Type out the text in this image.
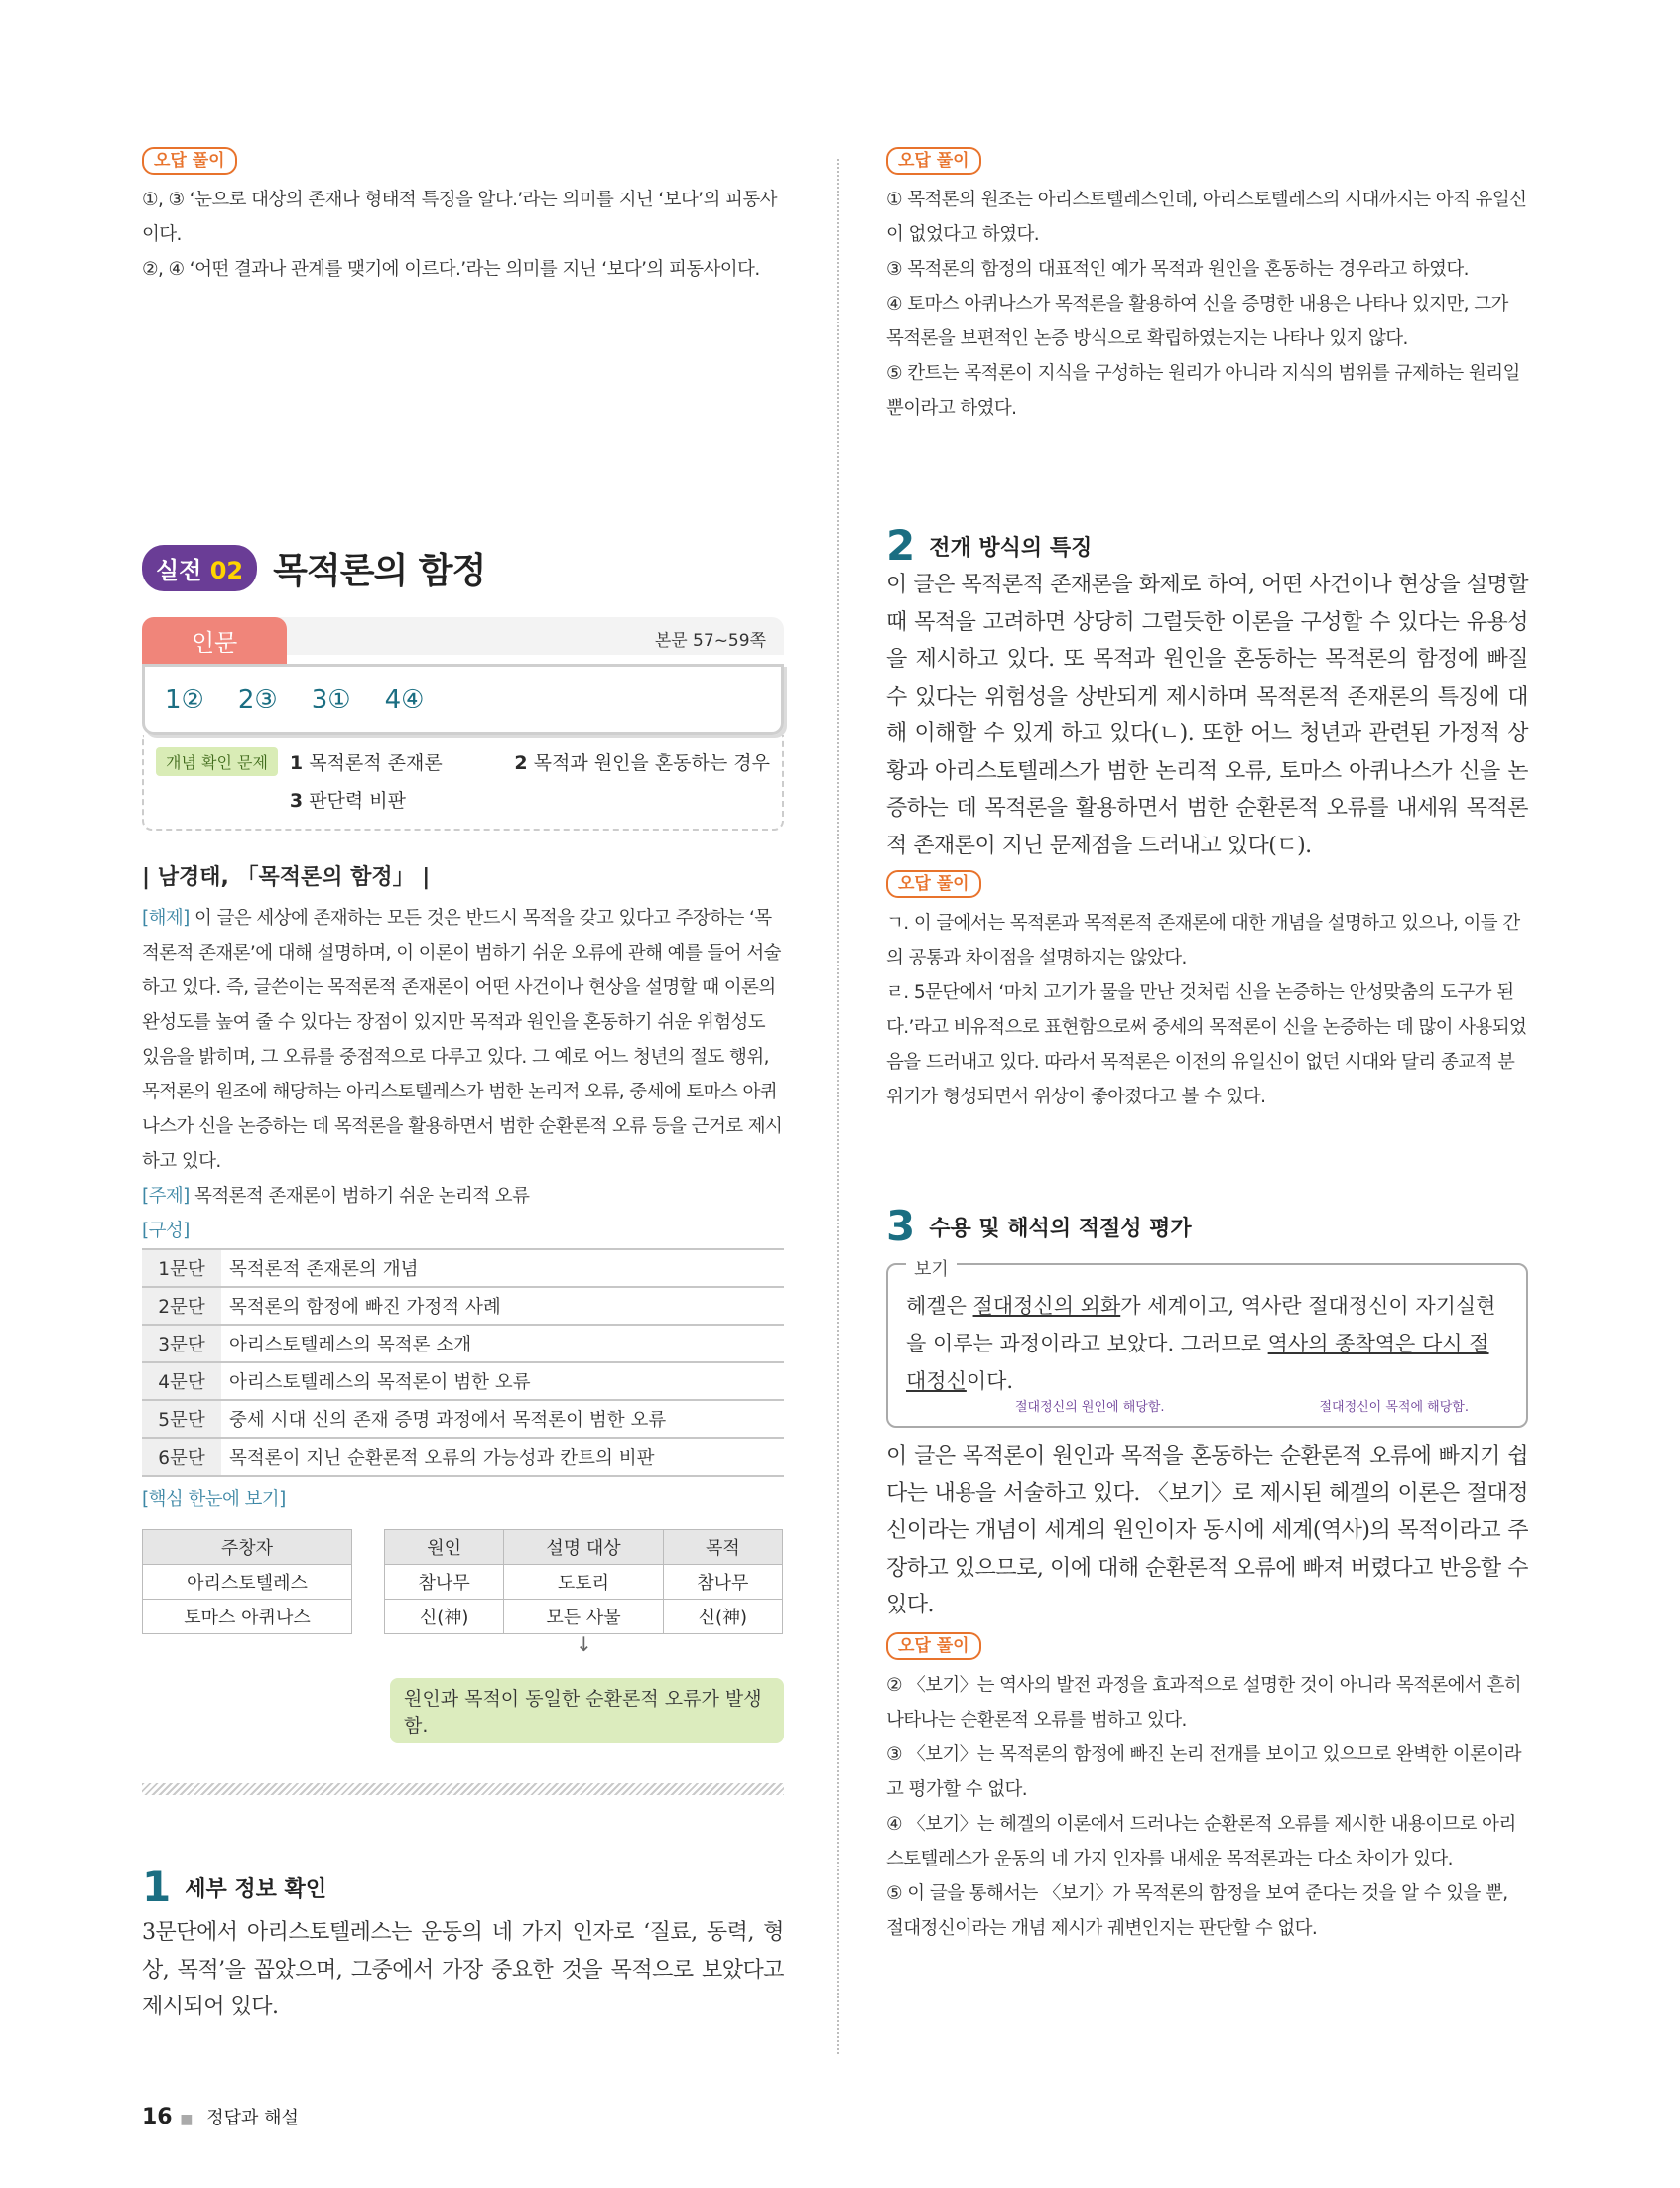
오답 풀이

①, ③ ‘눈으로 대상의 존재나 형태적 특징을 알다.’라는 의미를 지닌 ‘보다’의 피동사이다.

②, ④ ‘어떤 결과나 관계를 맺기에 이르다.’라는 의미를 지닌 ‘보다’의 피동사이다.

실전 02 목적론의 함정
인문	본문 57~59쪽
1② 2③ 3① 4④
개념 확인 문제	1 목적론적 존재론	2 목적과 원인을 혼동하는 경우
3 판단력 비판
| 남경태, 「목적론의 함정」 |

[해제] 이 글은 세상에 존재하는 모든 것은 반드시 목적을 갖고 있다고 주장하는 ‘목적론적 존재론’에 대해 설명하며, 이 이론이 범하기 쉬운 오류에 관해 예를 들어 서술하고 있다. 즉, 글쓴이는 목적론적 존재론이 어떤 사건이나 현상을 설명할 때 이론의 완성도를 높여 줄 수 있다는 장점이 있지만 목적과 원인을 혼동하기 쉬운 위험성도 있음을 밝히며, 그 오류를 중점적으로 다루고 있다. 그 예로 어느 청년의 절도 행위, 목적론의 원조에 해당하는 아리스토텔레스가 범한 논리적 오류, 중세에 토마스 아퀴나스가 신을 논증하는 데 목적론을 활용하면서 범한 순환론적 오류 등을 근거로 제시하고 있다.

[주제] 목적론적 존재론이 범하기 쉬운 논리적 오류

[구성]

1문단	목적론적 존재론의 개념
2문단	목적론의 함정에 빠진 가정적 사례
3문단	아리스토텔레스의 목적론 소개
4문단	아리스토텔레스의 목적론이 범한 오류
5문단	중세 시대 신의 존재 증명 과정에서 목적론이 범한 오류
6문단	목적론이 지닌 순환론적 오류의 가능성과 칸트의 비판
[핵심 한눈에 보기]
주창자
아리스토텔레스
토마스 아퀴나스
원인	설명 대상	목적
참나무	도토리	참나무
신(神)	모든 사물	신(神)
↓
원인과 목적이 동일한 순환론적 오류가 발생함.
1 세부 정보 확인
3문단에서 아리스토텔레스는 운동의 네 가지 인자로 ‘질료, 동력, 형상, 목적’을 꼽았으며, 그중에서 가장 중요한 것을 목적으로 보았다고 제시되어 있다.
오답 풀이

① 목적론의 원조는 아리스토텔레스인데, 아리스토텔레스의 시대까지는 아직 유일신이 없었다고 하였다.

③ 목적론의 함정의 대표적인 예가 목적과 원인을 혼동하는 경우라고 하였다.

④ 토마스 아퀴나스가 목적론을 활용하여 신을 증명한 내용은 나타나 있지만, 그가 목적론을 보편적인 논증 방식으로 확립하였는지는 나타나 있지 않다.

⑤ 칸트는 목적론이 지식을 구성하는 원리가 아니라 지식의 범위를 규제하는 원리일 뿐이라고 하였다.

2 전개 방식의 특징
이 글은 목적론적 존재론을 화제로 하여, 어떤 사건이나 현상을 설명할 때 목적을 고려하면 상당히 그럴듯한 이론을 구성할 수 있다는 유용성을 제시하고 있다. 또 목적과 원인을 혼동하는 목적론의 함정에 빠질 수 있다는 위험성을 상반되게 제시하며 목적론적 존재론의 특징에 대해 이해할 수 있게 하고 있다(ㄴ). 또한 어느 청년과 관련된 가정적 상황과 아리스토텔레스가 범한 논리적 오류, 토마스 아퀴나스가 신을 논증하는 데 목적론을 활용하면서 범한 순환론적 오류를 내세워 목적론적 존재론이 지닌 문제점을 드러내고 있다(ㄷ).
오답 풀이

ㄱ. 이 글에서는 목적론과 목적론적 존재론에 대한 개념을 설명하고 있으나, 이들 간의 공통과 차이점을 설명하지는 않았다.

ㄹ. 5문단에서 ‘마치 고기가 물을 만난 것처럼 신을 논증하는 안성맞춤의 도구가 된다.’라고 비유적으로 표현함으로써 중세의 목적론이 신을 논증하는 데 많이 사용되었음을 드러내고 있다. 따라서 목적론은 이전의 유일신이 없던 시대와 달리 종교적 분위기가 형성되면서 위상이 좋아졌다고 볼 수 있다.

3 수용 및 해석의 적절성 평가
보기
헤겔은 절대정신의 외화가 세계이고, 역사란 절대정신이 자기실현을 이루는 과정이라고 보았다. 그러므로 역사의 종착역은 다시 절대정신이다.
절대정신의 원인에 해당함.	절대정신이 목적에 해당함.
이 글은 목적론이 원인과 목적을 혼동하는 순환론적 오류에 빠지기 쉽다는 내용을 서술하고 있다. 〈보기〉로 제시된 헤겔의 이론은 절대정신이라는 개념이 세계의 원인이자 동시에 세계(역사)의 목적이라고 주장하고 있으므로, 이에 대해 순환론적 오류에 빠져 버렸다고 반응할 수 있다.
오답 풀이

② 〈보기〉는 역사의 발전 과정을 효과적으로 설명한 것이 아니라 목적론에서 흔히 나타나는 순환론적 오류를 범하고 있다.

③ 〈보기〉는 목적론의 함정에 빠진 논리 전개를 보이고 있으므로 완벽한 이론이라고 평가할 수 없다.

④ 〈보기〉는 헤겔의 이론에서 드러나는 순환론적 오류를 제시한 내용이므로 아리스토텔레스가 운동의 네 가지 인자를 내세운 목적론과는 다소 차이가 있다.

⑤ 이 글을 통해서는 〈보기〉가 목적론의 함정을 보여 준다는 것을 알 수 있을 뿐, 절대정신이라는 개념 제시가 궤변인지는 판단할 수 없다.

16 ■ 정답과 해설
